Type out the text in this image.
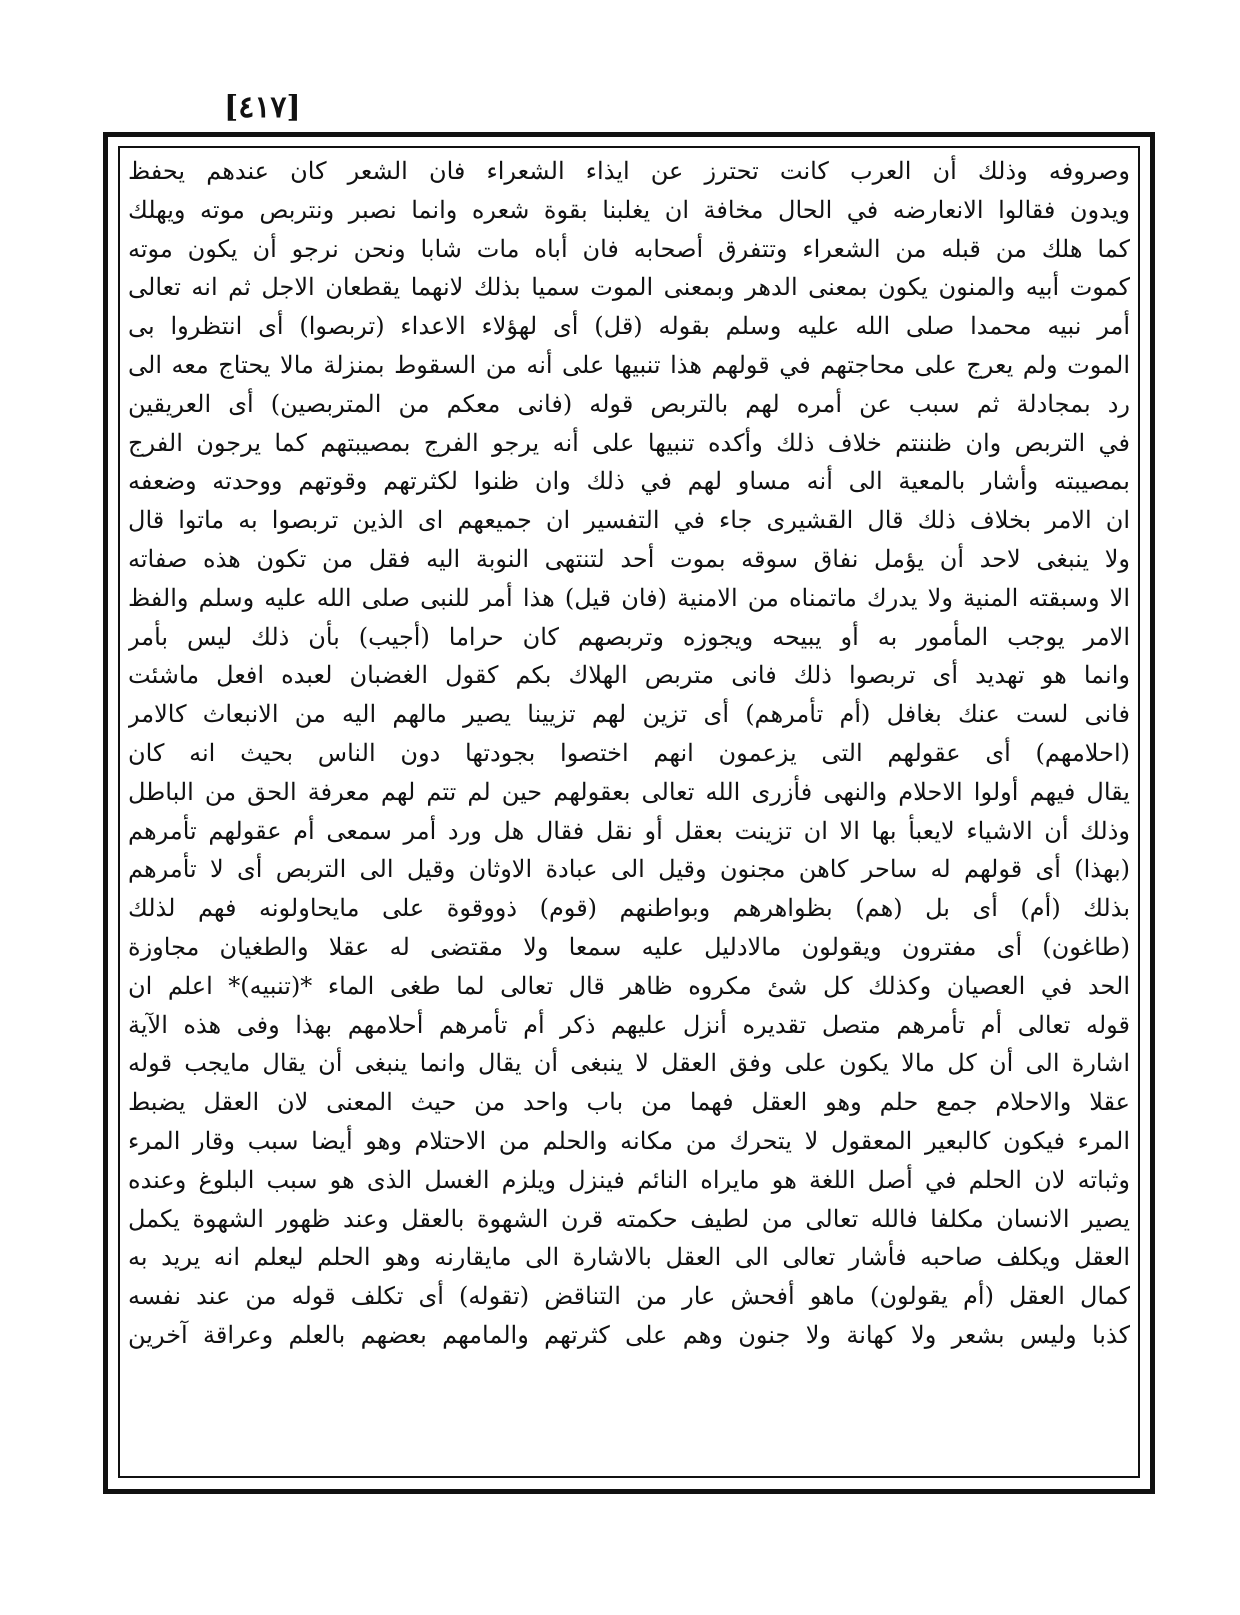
[٤١٧]
وصروفه وذلك أن العرب كانت تحترز عن ايذاء الشعراء فان الشعر كان عندهم يحفظ
ويدون فقالوا الانعارضه في الحال مخافة ان يغلبنا بقوة شعره وانما نصبر ونتربص موته ويهلك
كما هلك من قبله من الشعراء وتتفرق أصحابه فان أباه مات شابا ونحن نرجو أن يكون موته
كموت أبيه والمنون يكون بمعنى الدهر وبمعنى الموت سميا بذلك لانهما يقطعان الاجل ثم انه تعالى
أمر نبيه محمدا صلى الله عليه وسلم بقوله (قل) أى لهؤلاء الاعداء (تربصوا) أى انتظروا بى
الموت ولم يعرج على محاجتهم في قولهم هذا تنبيها على أنه من السقوط بمنزلة مالا يحتاج معه الى
رد بمجادلة ثم سبب عن أمره لهم بالتربص قوله (فانى معكم من المتربصين) أى العريقين
في التربص وان ظننتم خلاف ذلك وأكده تنبيها على أنه يرجو الفرج بمصيبتهم كما يرجون الفرج
بمصيبته وأشار بالمعية الى أنه مساو لهم في ذلك وان ظنوا لكثرتهم وقوتهم ووحدته وضعفه
ان الامر بخلاف ذلك قال القشيرى جاء في التفسير ان جميعهم اى الذين تربصوا به ماتوا قال
ولا ينبغى لاحد أن يؤمل نفاق سوقه بموت أحد لتنتهى النوبة اليه فقل من تكون هذه صفاته
الا وسبقته المنية ولا يدرك ماتمناه من الامنية (فان قيل) هذا أمر للنبى صلى الله عليه وسلم والفظ
الامر يوجب المأمور به أو يبيحه ويجوزه وتربصهم كان حراما (أجيب) بأن ذلك ليس بأمر
وانما هو تهديد أى تربصوا ذلك فانى متربص الهلاك بكم كقول الغضبان لعبده افعل ماشئت
فانى لست عنك بغافل (أم تأمرهم) أى تزين لهم تزيينا يصير مالهم اليه من الانبعاث كالامر
(احلامهم) أى عقولهم التى يزعمون انهم اختصوا بجودتها دون الناس بحيث انه كان
يقال فيهم أولوا الاحلام والنهى فأزرى الله تعالى بعقولهم حين لم تتم لهم معرفة الحق من الباطل
وذلك أن الاشياء لايعبأ بها الا ان تزينت بعقل أو نقل فقال هل ورد أمر سمعى أم عقولهم تأمرهم
(بهذا) أى قولهم له ساحر كاهن مجنون وقيل الى عبادة الاوثان وقيل الى التربص أى لا تأمرهم
بذلك (أم) أى بل (هم) بظواهرهم وبواطنهم (قوم) ذووقوة على مايحاولونه فهم لذلك
(طاغون) أى مفترون ويقولون مالادليل عليه سمعا ولا مقتضى له عقلا والطغيان مجاوزة
الحد في العصيان وكذلك كل شئ مكروه ظاهر قال تعالى لما طغى الماء *(تنبيه)* اعلم ان
قوله تعالى أم تأمرهم متصل تقديره أنزل عليهم ذكر أم تأمرهم أحلامهم بهذا وفى هذه الآية
اشارة الى أن كل مالا يكون على وفق العقل لا ينبغى أن يقال وانما ينبغى أن يقال مايجب قوله
عقلا والاحلام جمع حلم وهو العقل فهما من باب واحد من حيث المعنى لان العقل يضبط
المرء فيكون كالبعير المعقول لا يتحرك من مكانه والحلم من الاحتلام وهو أيضا سبب وقار المرء
وثباته لان الحلم في أصل اللغة هو مايراه النائم فينزل ويلزم الغسل الذى هو سبب البلوغ وعنده
يصير الانسان مكلفا فالله تعالى من لطيف حكمته قرن الشهوة بالعقل وعند ظهور الشهوة يكمل
العقل ويكلف صاحبه فأشار تعالى الى العقل بالاشارة الى مايقارنه وهو الحلم ليعلم انه يريد به
كمال العقل (أم يقولون) ماهو أفحش عار من التناقض (تقوله) أى تكلف قوله من عند نفسه
كذبا وليس بشعر ولا كهانة ولا جنون وهم على كثرتهم والمامهم بعضهم بالعلم وعراقة آخرين
